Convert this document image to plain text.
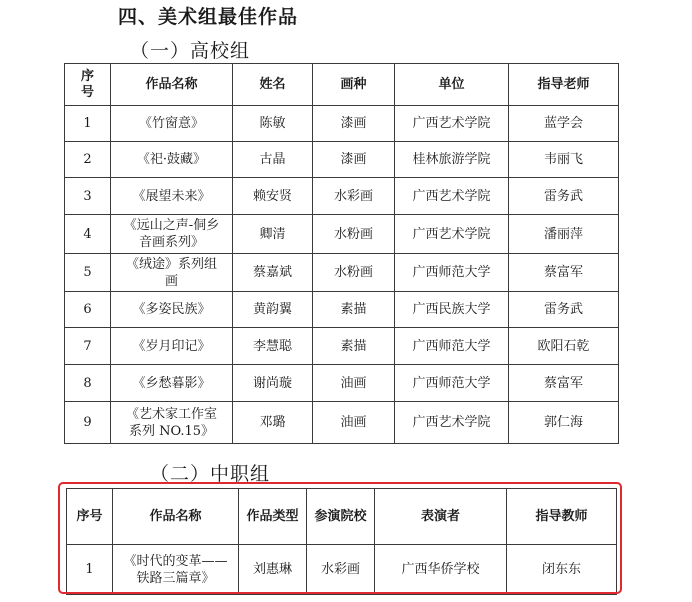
四、美术组最佳作品
（一）高校组
序号	作品名称	姓名	画种	单位	指导老师
1	《竹窗意》	陈敏	漆画	广西艺术学院	蓝学会
2	《祀·鼓藏》	古晶	漆画	桂林旅游学院	韦丽飞
3	《展望未来》	赖安贤	水彩画	广西艺术学院	雷务武
4	《远山之声-侗乡音画系列》	卿清	水粉画	广西艺术学院	潘丽萍
5	《绒途》系列组画	蔡嘉斌	水粉画	广西师范大学	蔡富军
6	《多姿民族》	黄韵翼	素描	广西民族大学	雷务武
7	《岁月印记》	李慧聪	素描	广西师范大学	欧阳石乾
8	《乡愁暮影》	谢尚璇	油画	广西师范大学	蔡富军
9	《艺术家工作室系列 NO.15》	邓璐	油画	广西艺术学院	郭仁海
（二）中职组
序号	作品名称	作品类型	参演院校	表演者	指导教师
1	《时代的变革——铁路三篇章》	刘惠琳	水彩画	广西华侨学校	闭东东
